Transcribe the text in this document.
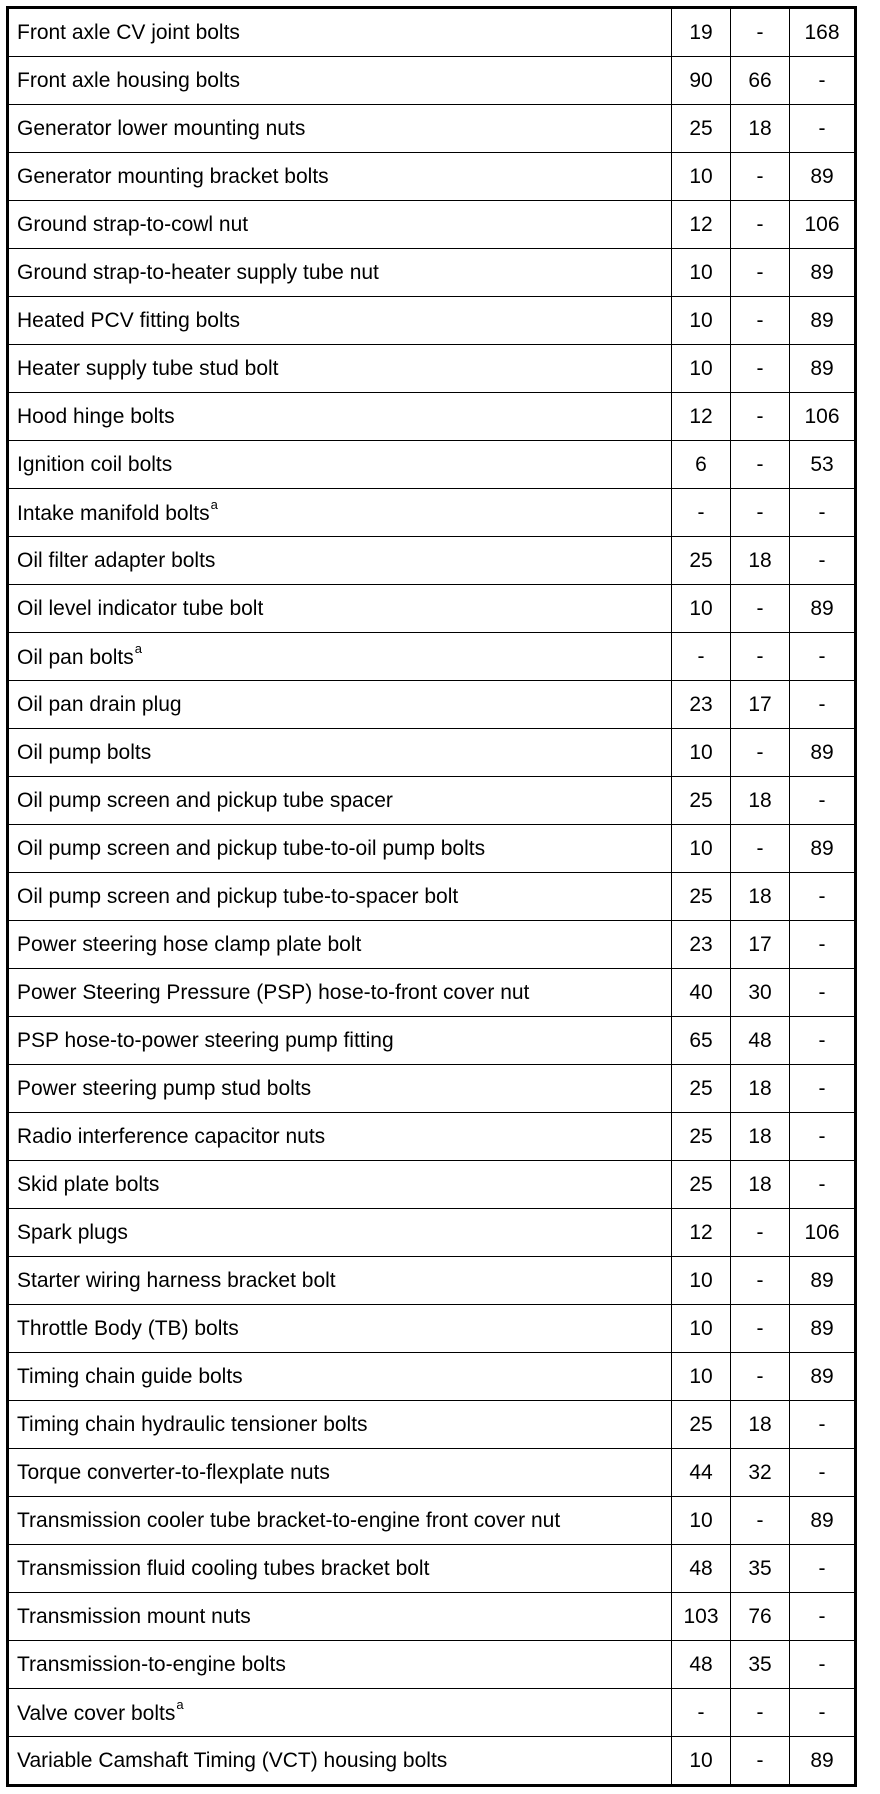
Front axle CV joint bolts	19	-	168
Front axle housing bolts	90	66	-
Generator lower mounting nuts	25	18	-
Generator mounting bracket bolts	10	-	89
Ground strap-to-cowl nut	12	-	106
Ground strap-to-heater supply tube nut	10	-	89
Heated PCV fitting bolts	10	-	89
Heater supply tube stud bolt	10	-	89
Hood hinge bolts	12	-	106
Ignition coil bolts	6	-	53
Intake manifold bolts$^a$	-	-	-
Oil filter adapter bolts	25	18	-
Oil level indicator tube bolt	10	-	89
Oil pan bolts$^a$	-	-	-
Oil pan drain plug	23	17	-
Oil pump bolts	10	-	89
Oil pump screen and pickup tube spacer	25	18	-
Oil pump screen and pickup tube-to-oil pump bolts	10	-	89
Oil pump screen and pickup tube-to-spacer bolt	25	18	-
Power steering hose clamp plate bolt	23	17	-
Power Steering Pressure (PSP) hose-to-front cover nut	40	30	-
PSP hose-to-power steering pump fitting	65	48	-
Power steering pump stud bolts	25	18	-
Radio interference capacitor nuts	25	18	-
Skid plate bolts	25	18	-
Spark plugs	12	-	106
Starter wiring harness bracket bolt	10	-	89
Throttle Body (TB) bolts	10	-	89
Timing chain guide bolts	10	-	89
Timing chain hydraulic tensioner bolts	25	18	-
Torque converter-to-flexplate nuts	44	32	-
Transmission cooler tube bracket-to-engine front cover nut	10	-	89
Transmission fluid cooling tubes bracket bolt	48	35	-
Transmission mount nuts	103	76	-
Transmission-to-engine bolts	48	35	-
Valve cover bolts$^a$	-	-	-
Variable Camshaft Timing (VCT) housing bolts	10	-	89
